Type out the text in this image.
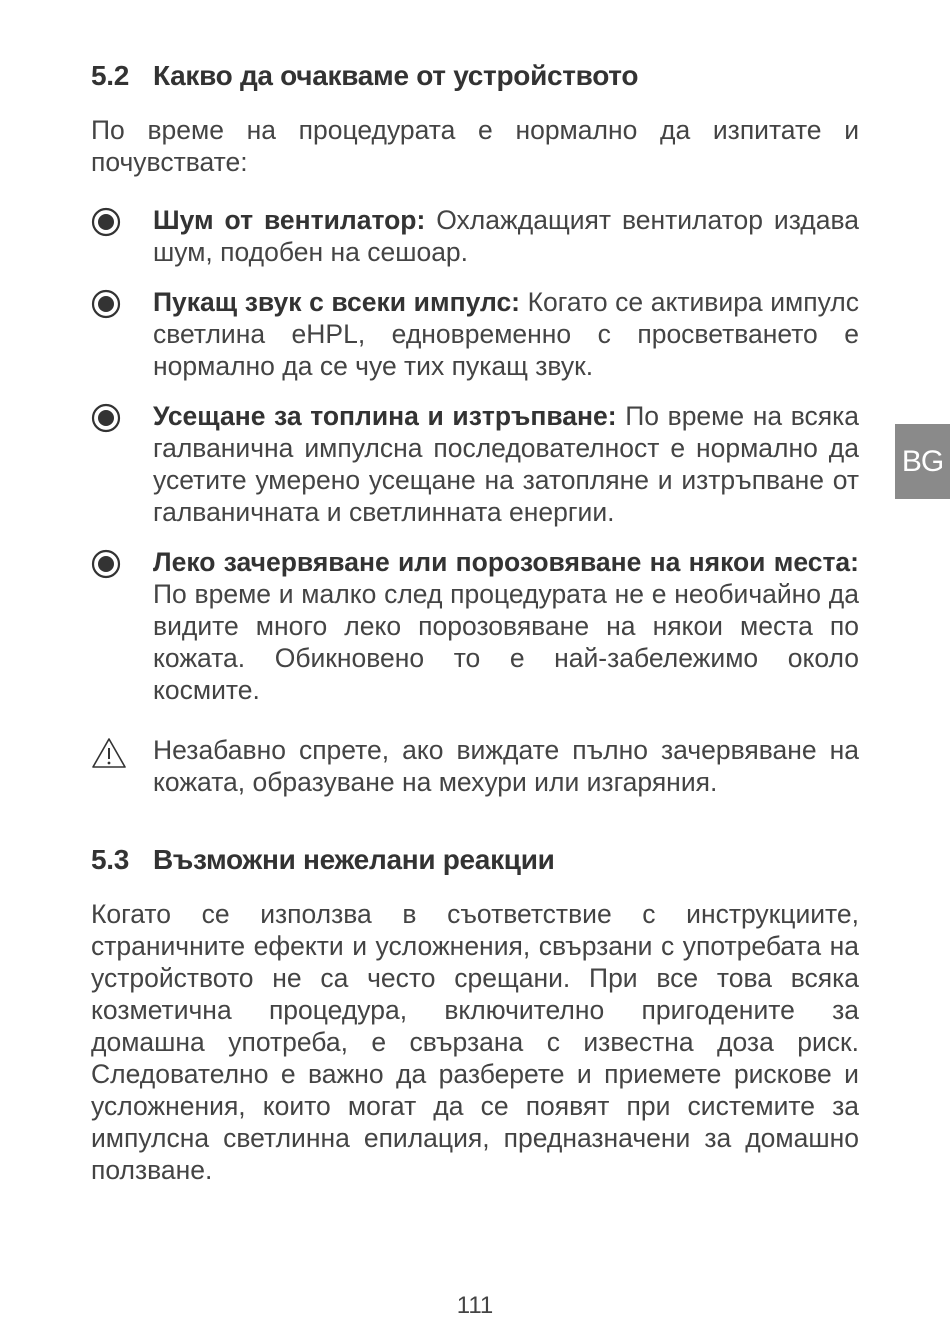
5.2 Какво да очакваме от устройството

По време на процедурата е нормално да изпитате и почувствате:

Шум от вентилатор: Охлаждащият вентилатор издава шум, подобен на сешоар.

Пукащ звук с всеки импулс: Когато се активира импулс светлина eHPL, едновременно с просветването е нормално да се чуе тих пукащ звук.

Усещане за топлина и изтръпване: По време на всяка галванична импулсна последователност е нормално да усетите умерено усещане на затопляне и изтръпване от галваничната и светлинната енергии.

Леко зачервяване или порозовяване на някои места: По време и малко след процедурата не е необичайно да видите много леко порозовяване на някои места по кожата. Обикновено то е най-забележимо около космите.

Незабавно спрете, ако виждате пълно зачервяване на кожата, образуване на мехури или изгаряния.

5.3 Възможни нежелани реакции

Когато се използва в съответствие с инструкциите, страничните ефекти и усложнения, свързани с употребата на устройството не са често срещани. При все това всяка козметична процедура, включително пригодените за домашна употреба, е свързана с известна доза риск. Следователно е важно да разберете и приемете рискове и усложнения, които могат да се появят при системите за импулсна светлинна епилация, предназначени за домашно ползване.

BG
111
